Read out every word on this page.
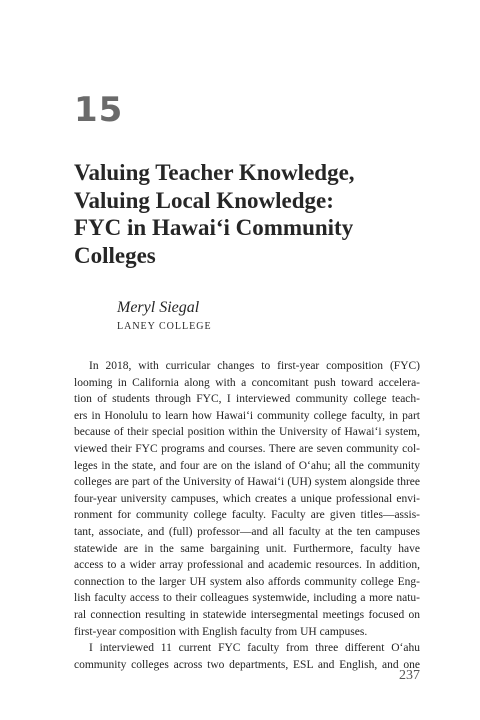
15
Valuing Teacher Knowledge,
Valuing Local Knowledge:
FYC in Hawai‘i Community
Colleges
Meryl Siegal
LANEY COLLEGE
In 2018, with curricular changes to first-year composition (FYC)
looming in California along with a concomitant push toward accelera-
tion of students through FYC, I interviewed community college teach-
ers in Honolulu to learn how Hawai‘i community college faculty, in part
because of their special position within the University of Hawai‘i system,
viewed their FYC programs and courses. There are seven community col-
leges in the state, and four are on the island of O‘ahu; all the community
colleges are part of the University of Hawai‘i (UH) system alongside three
four-year university campuses, which creates a unique professional envi-
ronment for community college faculty. Faculty are given titles—assis-
tant, associate, and (full) professor—and all faculty at the ten campuses
statewide are in the same bargaining unit. Furthermore, faculty have
access to a wider array professional and academic resources. In addition,
connection to the larger UH system also affords community college Eng-
lish faculty access to their colleagues systemwide, including a more natu-
ral connection resulting in statewide intersegmental meetings focused on
first-year composition with English faculty from UH campuses.
I interviewed 11 current FYC faculty from three different O‘ahu
community colleges across two departments, ESL and English, and one
237
